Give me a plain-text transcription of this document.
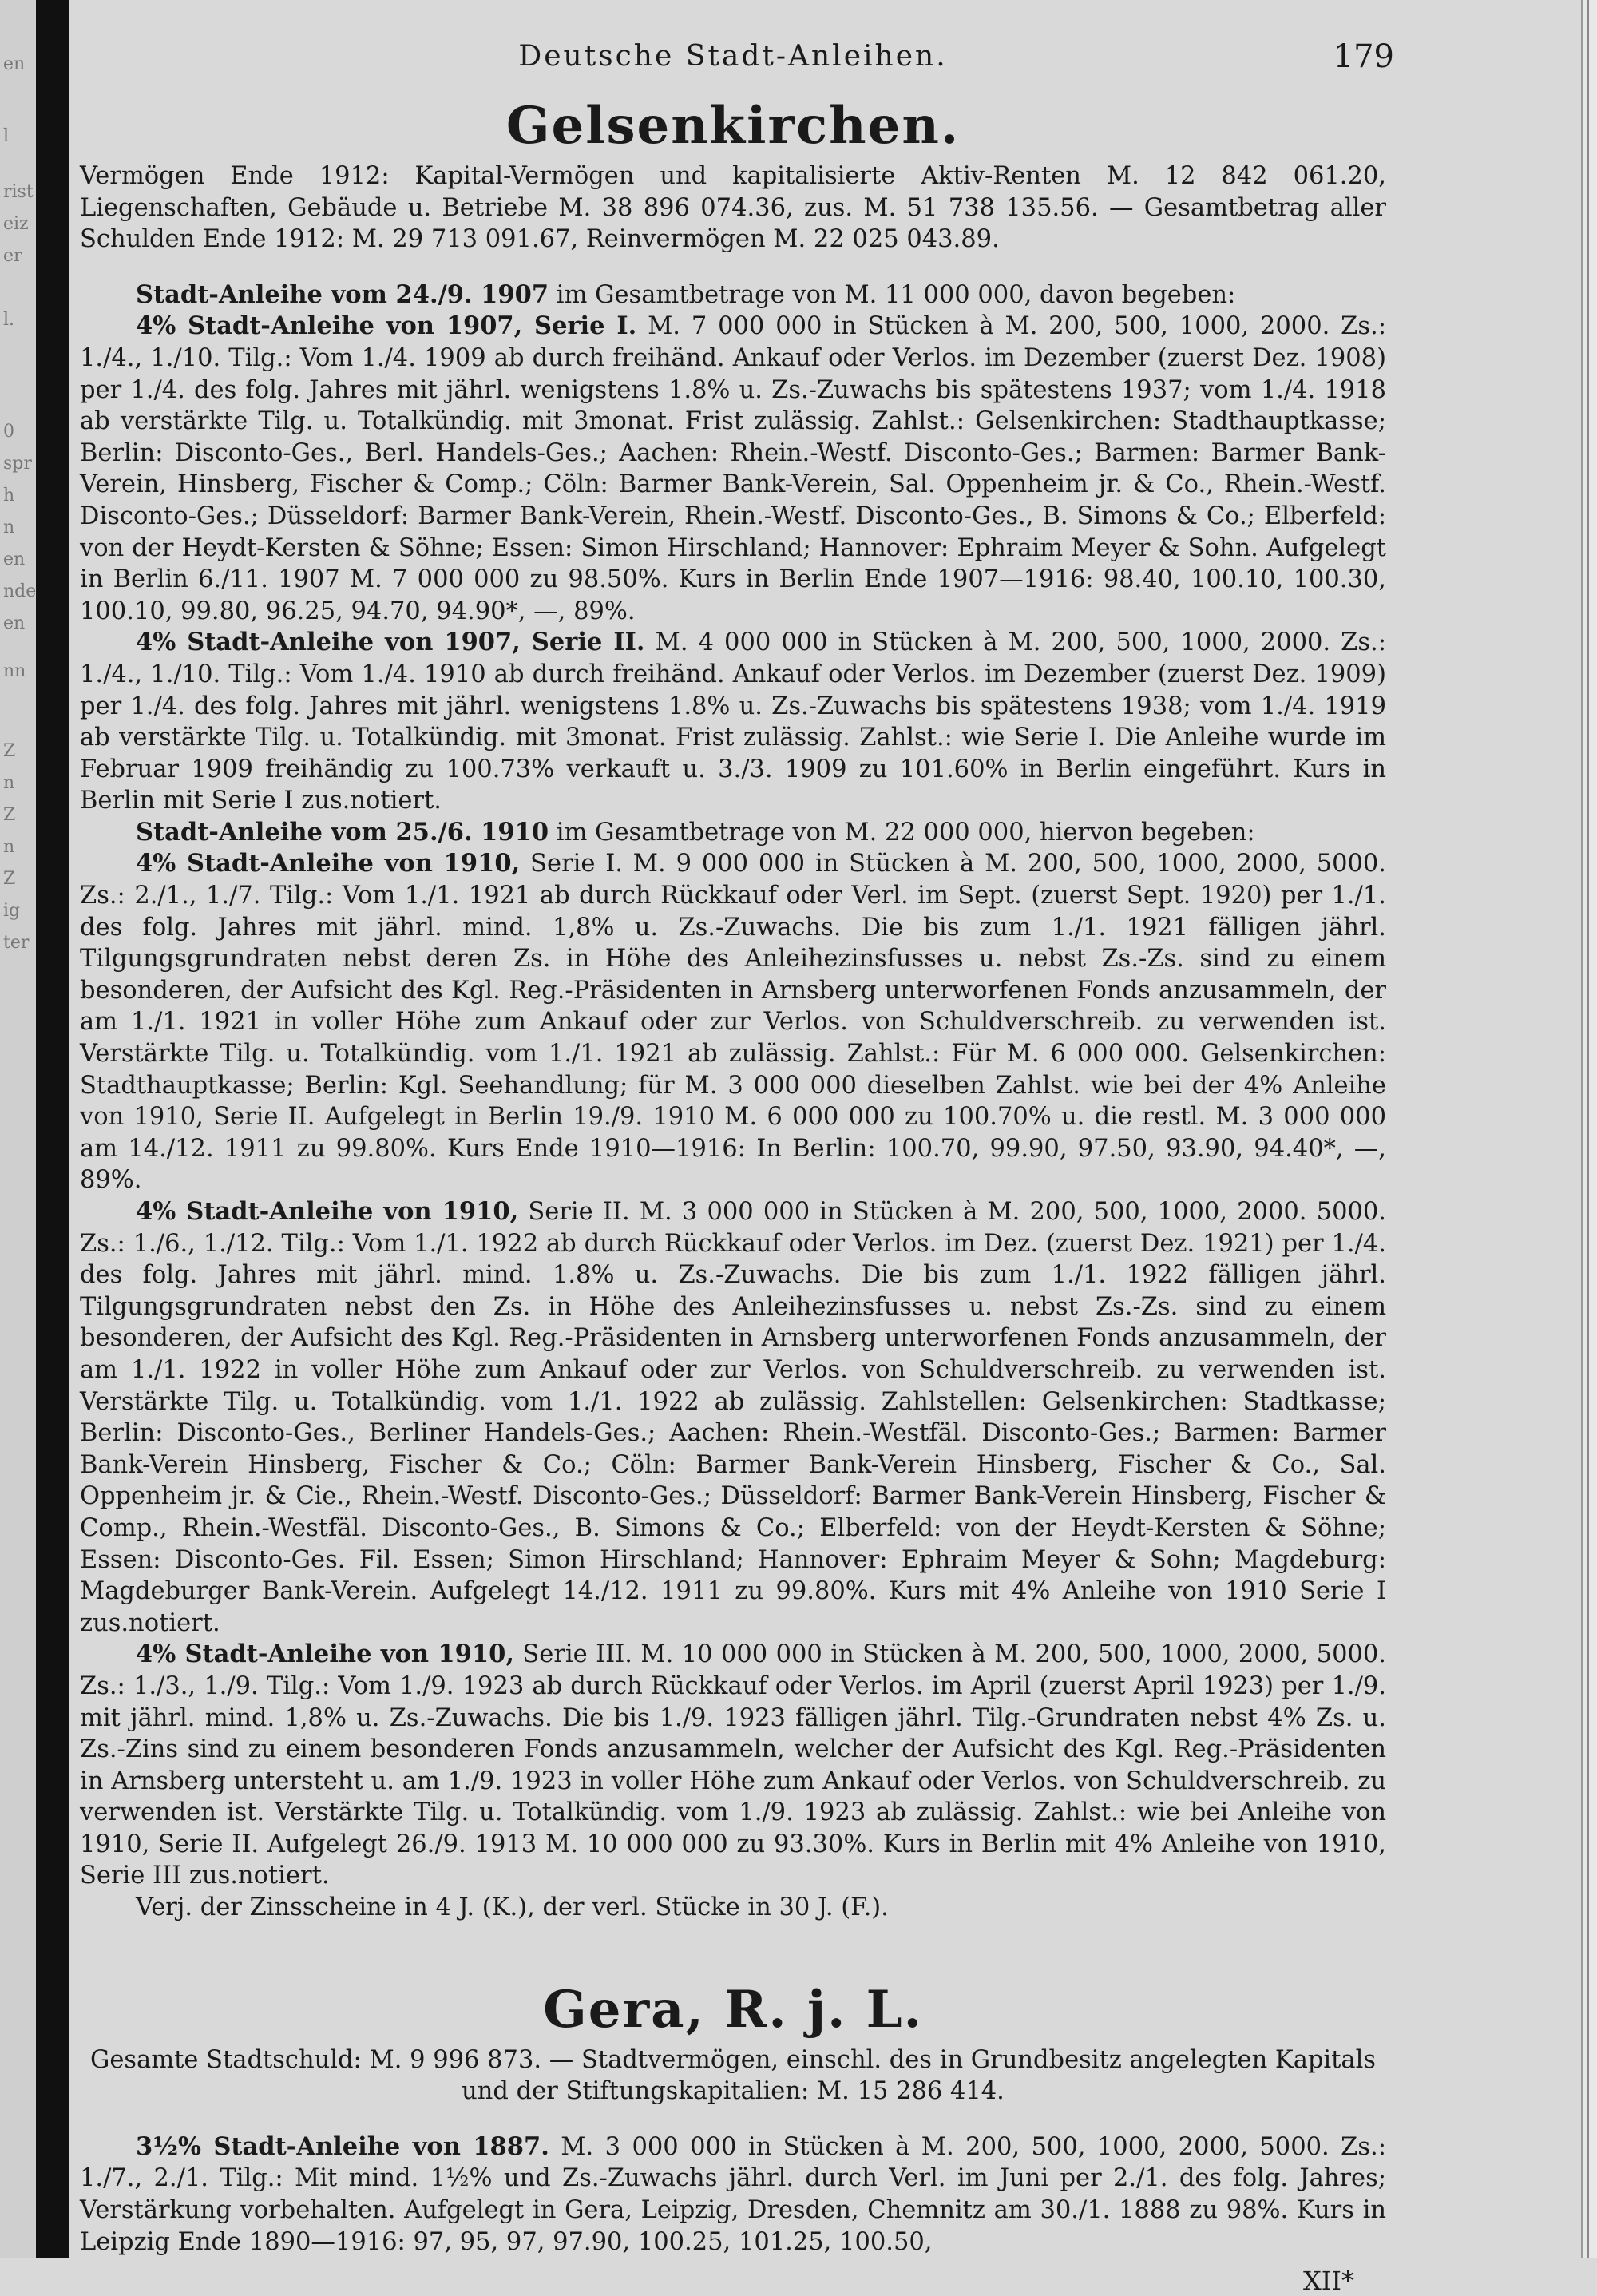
en
l
rist
eiz
er
l.
0
spr
h
n
en
nde
en
nn
Z
n
Z
n
Z
ig
ter
Deutsche Stadt-Anleihen.	179
Gelsenkirchen.

Vermögen Ende 1912: Kapital-Vermögen und kapitalisierte Aktiv-Renten M. 12 842 061.20, Liegenschaften, Gebäude u. Betriebe M. 38 896 074.36, zus. M. 51 738 135.56. — Gesamtbetrag aller Schulden Ende 1912: M. 29 713 091.67, Reinvermögen M. 22 025 043.89.

Stadt-Anleihe vom 24./9. 1907 im Gesamtbetrage von M. 11 000 000, davon begeben:

4% Stadt-Anleihe von 1907, Serie I. M. 7 000 000 in Stücken à M. 200, 500, 1000, 2000. Zs.: 1./4., 1./10. Tilg.: Vom 1./4. 1909 ab durch freihänd. Ankauf oder Verlos. im Dezember (zuerst Dez. 1908) per 1./4. des folg. Jahres mit jährl. wenigstens 1.8% u. Zs.-Zuwachs bis spätestens 1937; vom 1./4. 1918 ab verstärkte Tilg. u. Totalkündig. mit 3monat. Frist zulässig. Zahlst.: Gelsenkirchen: Stadthauptkasse; Berlin: Disconto-Ges., Berl. Handels-Ges.; Aachen: Rhein.-Westf. Disconto-Ges.; Barmen: Barmer Bank-Verein, Hinsberg, Fischer & Comp.; Cöln: Barmer Bank-Verein, Sal. Oppenheim jr. & Co., Rhein.-Westf. Disconto-Ges.; Düsseldorf: Barmer Bank-Verein, Rhein.-Westf. Disconto-Ges., B. Simons & Co.; Elberfeld: von der Heydt-Kersten & Söhne; Essen: Simon Hirschland; Hannover: Ephraim Meyer & Sohn. Aufgelegt in Berlin 6./11. 1907 M. 7 000 000 zu 98.50%. Kurs in Berlin Ende 1907—1916: 98.40, 100.10, 100.30, 100.10, 99.80, 96.25, 94.70, 94.90*, —, 89%.

4% Stadt-Anleihe von 1907, Serie II. M. 4 000 000 in Stücken à M. 200, 500, 1000, 2000. Zs.: 1./4., 1./10. Tilg.: Vom 1./4. 1910 ab durch freihänd. Ankauf oder Verlos. im Dezember (zuerst Dez. 1909) per 1./4. des folg. Jahres mit jährl. wenigstens 1.8% u. Zs.-Zuwachs bis spätestens 1938; vom 1./4. 1919 ab verstärkte Tilg. u. Totalkündig. mit 3monat. Frist zulässig. Zahlst.: wie Serie I. Die Anleihe wurde im Februar 1909 freihändig zu 100.73% verkauft u. 3./3. 1909 zu 101.60% in Berlin eingeführt. Kurs in Berlin mit Serie I zus.notiert.

Stadt-Anleihe vom 25./6. 1910 im Gesamtbetrage von M. 22 000 000, hiervon begeben:

4% Stadt-Anleihe von 1910, Serie I. M. 9 000 000 in Stücken à M. 200, 500, 1000, 2000, 5000. Zs.: 2./1., 1./7. Tilg.: Vom 1./1. 1921 ab durch Rückkauf oder Verl. im Sept. (zuerst Sept. 1920) per 1./1. des folg. Jahres mit jährl. mind. 1,8% u. Zs.-Zuwachs. Die bis zum 1./1. 1921 fälligen jährl. Tilgungsgrundraten nebst deren Zs. in Höhe des Anleihezinsfusses u. nebst Zs.-Zs. sind zu einem besonderen, der Aufsicht des Kgl. Reg.-Präsidenten in Arnsberg unterworfenen Fonds anzusammeln, der am 1./1. 1921 in voller Höhe zum Ankauf oder zur Verlos. von Schuldverschreib. zu verwenden ist. Verstärkte Tilg. u. Totalkündig. vom 1./1. 1921 ab zulässig. Zahlst.: Für M. 6 000 000. Gelsenkirchen: Stadthauptkasse; Berlin: Kgl. Seehandlung; für M. 3 000 000 dieselben Zahlst. wie bei der 4% Anleihe von 1910, Serie II. Aufgelegt in Berlin 19./9. 1910 M. 6 000 000 zu 100.70% u. die restl. M. 3 000 000 am 14./12. 1911 zu 99.80%. Kurs Ende 1910—1916: In Berlin: 100.70, 99.90, 97.50, 93.90, 94.40*, —, 89%.

4% Stadt-Anleihe von 1910, Serie II. M. 3 000 000 in Stücken à M. 200, 500, 1000, 2000. 5000. Zs.: 1./6., 1./12. Tilg.: Vom 1./1. 1922 ab durch Rückkauf oder Verlos. im Dez. (zuerst Dez. 1921) per 1./4. des folg. Jahres mit jährl. mind. 1.8% u. Zs.-Zuwachs. Die bis zum 1./1. 1922 fälligen jährl. Tilgungsgrundraten nebst den Zs. in Höhe des Anleihezinsfusses u. nebst Zs.-Zs. sind zu einem besonderen, der Aufsicht des Kgl. Reg.-Präsidenten in Arnsberg unterworfenen Fonds anzusammeln, der am 1./1. 1922 in voller Höhe zum Ankauf oder zur Verlos. von Schuldverschreib. zu verwenden ist. Verstärkte Tilg. u. Totalkündig. vom 1./1. 1922 ab zulässig. Zahlstellen: Gelsenkirchen: Stadtkasse; Berlin: Disconto-Ges., Berliner Handels-Ges.; Aachen: Rhein.-Westfäl. Disconto-Ges.; Barmen: Barmer Bank-Verein Hinsberg, Fischer & Co.; Cöln: Barmer Bank-Verein Hinsberg, Fischer & Co., Sal. Oppenheim jr. & Cie., Rhein.-Westf. Disconto-Ges.; Düsseldorf: Barmer Bank-Verein Hinsberg, Fischer & Comp., Rhein.-Westfäl. Disconto-Ges., B. Simons & Co.; Elberfeld: von der Heydt-Kersten & Söhne; Essen: Disconto-Ges. Fil. Essen; Simon Hirschland; Hannover: Ephraim Meyer & Sohn; Magdeburg: Magdeburger Bank-Verein. Aufgelegt 14./12. 1911 zu 99.80%. Kurs mit 4% Anleihe von 1910 Serie I zus.notiert.

4% Stadt-Anleihe von 1910, Serie III. M. 10 000 000 in Stücken à M. 200, 500, 1000, 2000, 5000. Zs.: 1./3., 1./9. Tilg.: Vom 1./9. 1923 ab durch Rückkauf oder Verlos. im April (zuerst April 1923) per 1./9. mit jährl. mind. 1,8% u. Zs.-Zuwachs. Die bis 1./9. 1923 fälligen jährl. Tilg.-Grundraten nebst 4% Zs. u. Zs.-Zins sind zu einem besonderen Fonds anzusammeln, welcher der Aufsicht des Kgl. Reg.-Präsidenten in Arnsberg untersteht u. am 1./9. 1923 in voller Höhe zum Ankauf oder Verlos. von Schuldverschreib. zu verwenden ist. Verstärkte Tilg. u. Totalkündig. vom 1./9. 1923 ab zulässig. Zahlst.: wie bei Anleihe von 1910, Serie II. Aufgelegt 26./9. 1913 M. 10 000 000 zu 93.30%. Kurs in Berlin mit 4% Anleihe von 1910, Serie III zus.notiert.

Verj. der Zinsscheine in 4 J. (K.), der verl. Stücke in 30 J. (F.).

Gera, R. j. L.

Gesamte Stadtschuld: M. 9 996 873. — Stadtvermögen, einschl. des in Grundbesitz angelegten Kapitals und der Stiftungskapitalien: M. 15 286 414.

3½% Stadt-Anleihe von 1887. M. 3 000 000 in Stücken à M. 200, 500, 1000, 2000, 5000. Zs.: 1./7., 2./1. Tilg.: Mit mind. 1½% und Zs.-Zuwachs jährl. durch Verl. im Juni per 2./1. des folg. Jahres; Verstärkung vorbehalten. Aufgelegt in Gera, Leipzig, Dresden, Chemnitz am 30./1. 1888 zu 98%. Kurs in Leipzig Ende 1890—1916: 97, 95, 97, 97.90, 100.25, 101.25, 100.50,

XII*
